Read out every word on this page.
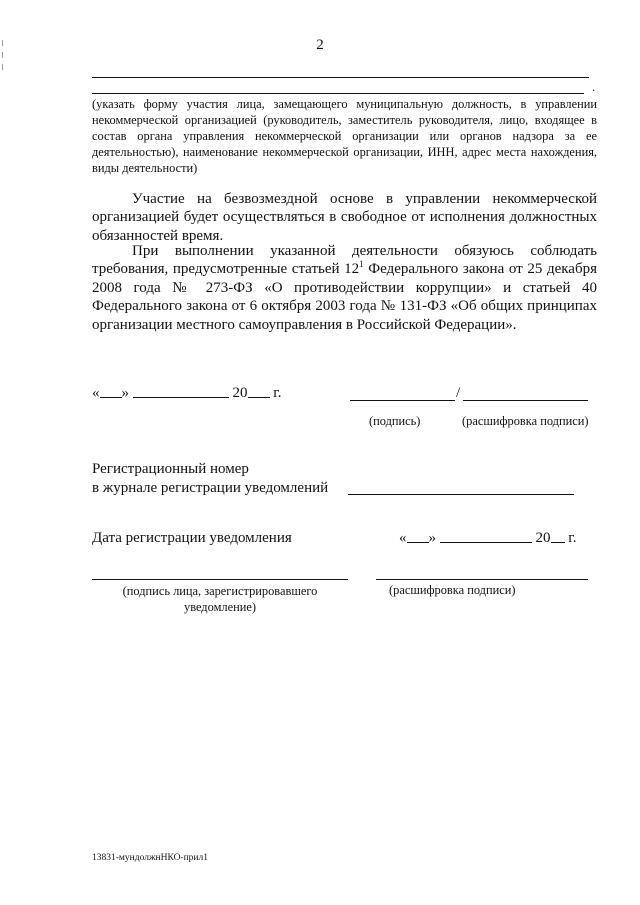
2
.
(указать форму участия лица, замещающего муниципальную должность, в управлении некоммерческой организацией (руководитель, заместитель руководителя, лицо, входящее в состав органа управления некоммерческой организации или органов надзора за ее деятельностью), наименование некоммерческой организации, ИНН, адрес места нахождения, виды деятельности)
Участие на безвозмездной основе в управлении некоммерческой организацией будет осуществляться в свободное от исполнения должностных обязанностей время.
При выполнении указанной деятельности обязуюсь соблюдать требования, предусмотренные статьей $12^1$ Федерального закона от 25 декабря 2008 года № 273-ФЗ «О противодействии коррупции» и статьей 40 Федерального закона от 6 октября 2003 года № 131-ФЗ «Об общих принципах организации местного самоуправления в Российской Федерации».
« »	20 г.	/
(подпись)	(расшифровка подписи)
Регистрационный номер
в журнале регистрации уведомлений
Дата регистрации уведомления	« »	20 г.
(подпись лица, зарегистрировавшего
уведомление)
(расшифровка подписи)
13831-мундолжнНКО-прил1
